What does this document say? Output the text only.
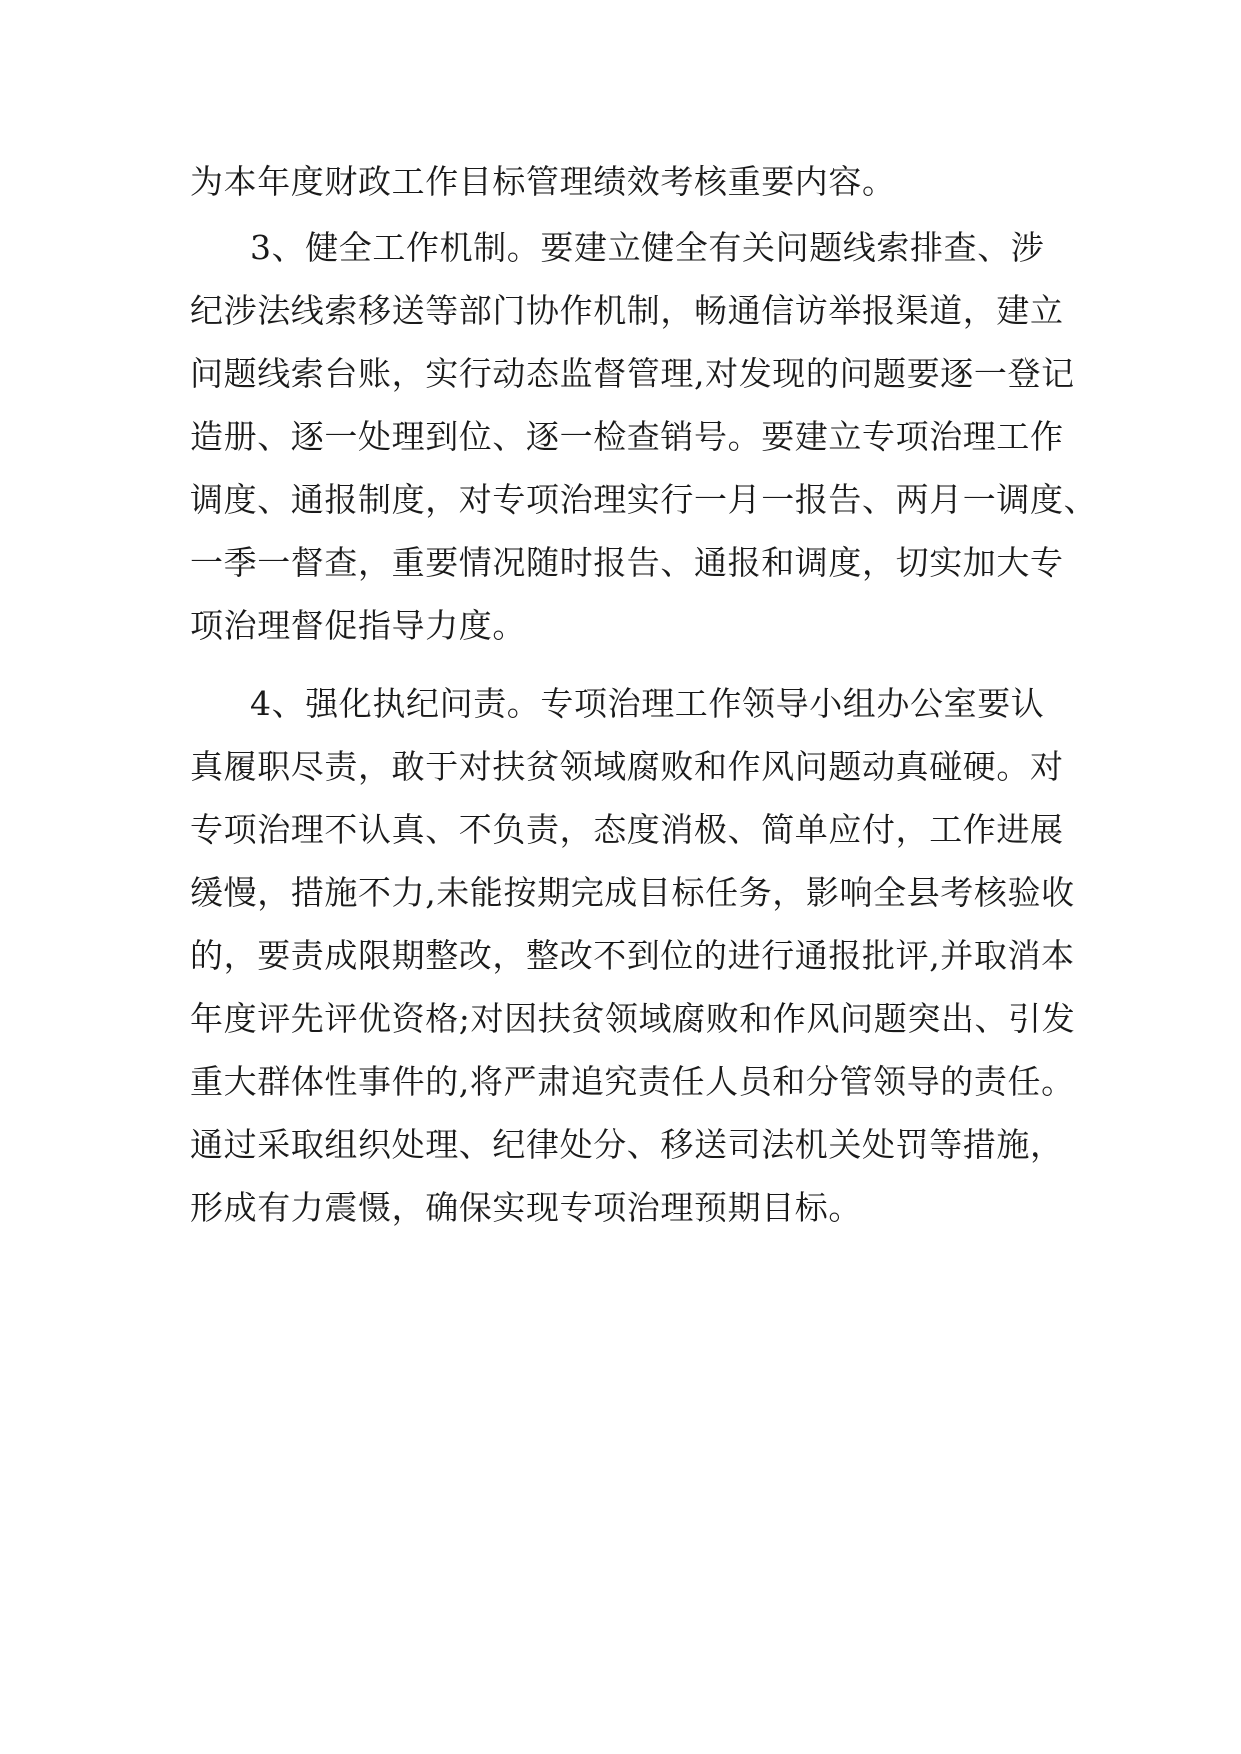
为本年度财政工作目标管理绩效考核重要内容。
3、健全工作机制。要建立健全有关问题线索排查、涉
纪涉法线索移送等部门协作机制，畅通信访举报渠道，建立
问题线索台账，实行动态监督管理,对发现的问题要逐一登记
造册、逐一处理到位、逐一检查销号。要建立专项治理工作
调度、通报制度，对专项治理实行一月一报告、两月一调度、
一季一督查，重要情况随时报告、通报和调度，切实加大专
项治理督促指导力度。
4、强化执纪问责。专项治理工作领导小组办公室要认
真履职尽责，敢于对扶贫领域腐败和作风问题动真碰硬。对
专项治理不认真、不负责，态度消极、简单应付，工作进展
缓慢，措施不力,未能按期完成目标任务，影响全县考核验收
的，要责成限期整改，整改不到位的进行通报批评,并取消本
年度评先评优资格;对因扶贫领域腐败和作风问题突出、引发
重大群体性事件的,将严肃追究责任人员和分管领导的责任。
通过采取组织处理、纪律处分、移送司法机关处罚等措施，
形成有力震慑，确保实现专项治理预期目标。
